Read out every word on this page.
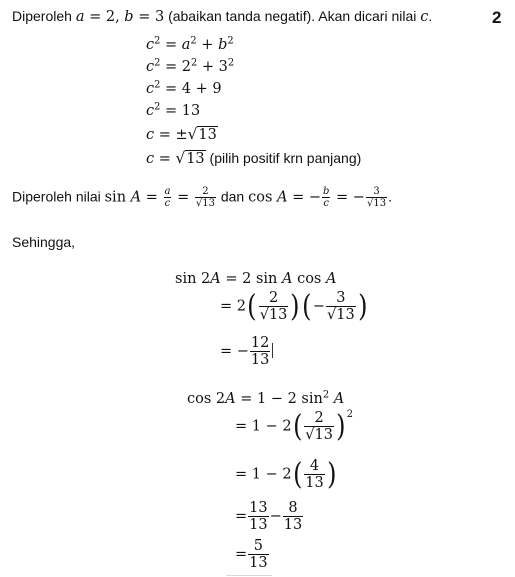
2
Diperoleh a = 2, b = 3 (abaikan tanda negatif). Akan dicari nilai c.
$c^2 = a^2 + b^2$
$c^2 = 2^2 + 3^2$
$c^2 = 4 + 9$
$c^2 = 13$
c = ±√13
c = √13 (pilih positif krn panjang)
Diperoleh nilai $\sin A = \frac{a}{c} = \frac{2}{√13}$ dan cos A = − $\frac{b}{c}$ = − $\frac{3}{√13}$ .
Sehingga,
sin 2A = 2 sin A cos A
= $2( \frac{2}{√13}$ )(− $\frac{3}{√13}$ )
= − $\frac{12}{13}$
cos 2A = 1 − 2 $\sin^2 A$
= $1 - 2( \frac{2}{√13} )^2$
= $1 - 2( \frac{4}{13}$ )
= $\frac{13}{13} - \frac{8}{13}$
= $\frac{5}{13}$
